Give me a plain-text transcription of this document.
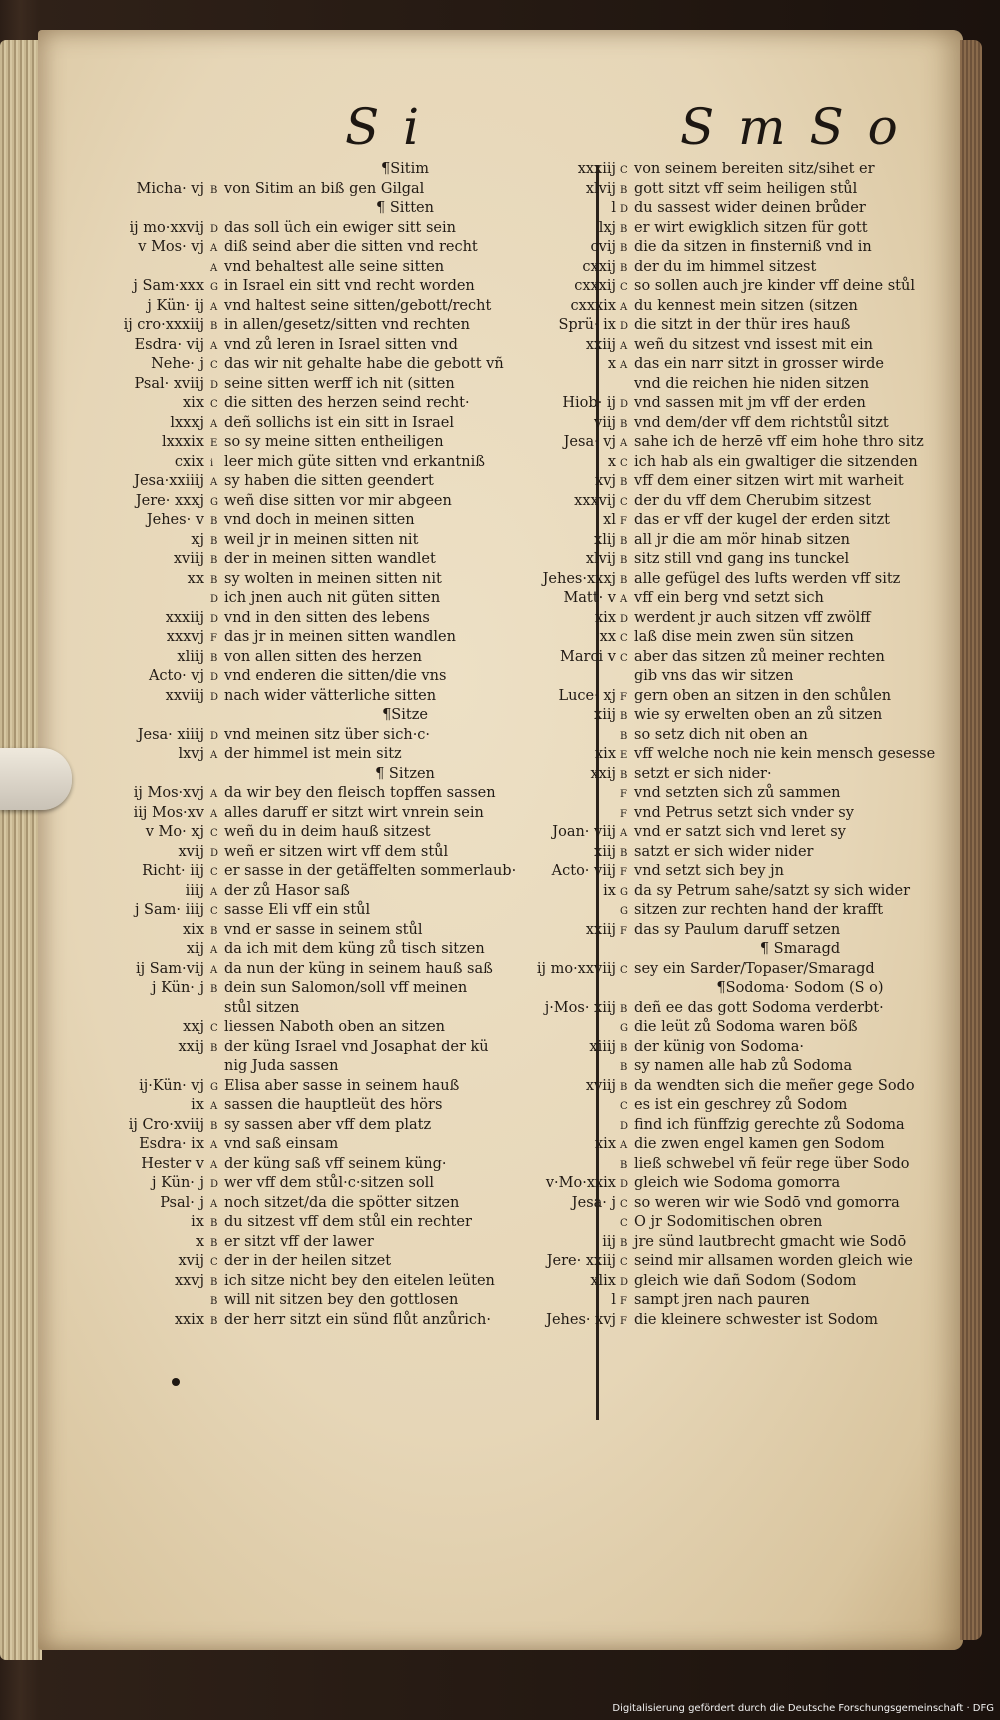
S i	S m S o
¶Sitim
Micha· vj B von Sitim an biß gen Gilgal
¶ Sitten
ij mo·xxvij D das soll üch ein ewiger sitt sein
v Mos· vj A diß seind aber die sitten vnd recht
A vnd behaltest alle seine sitten
j Sam·xxx G in Israel ein sitt vnd recht worden
j Kün· ij A vnd haltest seine sitten/gebott/recht
ij cro·xxxiij B in allen/gesetz/sitten vnd rechten
Esdra· vij A vnd zů leren in Israel sitten vnd
Nehe· j C das wir nit gehalte habe die gebott vñ
Psal· xviij D seine sitten werff ich nit (sitten
xix C die sitten des herzen seind recht·
lxxxj A deñ sollichs ist ein sitt in Israel
lxxxix E so sy meine sitten entheiligen
cxix i leer mich güte sitten vnd erkantniß
Jesa·xxiiij A sy haben die sitten geendert
Jere· xxxj G weñ dise sitten vor mir abgeen
Jehes· v B vnd doch in meinen sitten
xj B weil jr in meinen sitten nit
xviij B der in meinen sitten wandlet
xx B sy wolten in meinen sitten nit
D ich jnen auch nit güten sitten
xxxiij D vnd in den sitten des lebens
xxxvj F das jr in meinen sitten wandlen
xliij B von allen sitten des herzen
Acto· vj D vnd enderen die sitten/die vns
xxviij D nach wider vätterliche sitten
¶Sitze
Jesa· xiiij D vnd meinen sitz über sich·c·
lxvj A der himmel ist mein sitz
¶ Sitzen
ij Mos·xvj A da wir bey den fleisch topffen sassen
iij Mos·xv A alles daruff er sitzt wirt vnrein sein
v Mo· xj C weñ du in deim hauß sitzest
xvij D weñ er sitzen wirt vff dem stůl
Richt· iij C er sasse in der getäffelten sommerlaub·
iiij A der zů Hasor saß
j Sam· iiij C sasse Eli vff ein stůl
xix B vnd er sasse in seinem stůl
xij A da ich mit dem küng zů tisch sitzen
ij Sam·vij A da nun der küng in seinem hauß saß
j Kün· j B dein sun Salomon/soll vff meinen
stůl sitzen
xxj C liessen Naboth oben an sitzen
xxij B der küng Israel vnd Josaphat der kü
nig Juda sassen
ij·Kün· vj G Elisa aber sasse in seinem hauß
ix A sassen die hauptleüt des hörs
ij Cro·xviij B sy sassen aber vff dem platz
Esdra· ix A vnd saß einsam
Hester v A der küng saß vff seinem küng·
j Kün· j D wer vff dem stůl·c·sitzen soll
Psal· j A noch sitzet/da die spötter sitzen
ix B du sitzest vff dem stůl ein rechter
x B er sitzt vff der lawer
xvij C der in der heilen sitzet
xxvj B ich sitze nicht bey den eitelen leüten
B will nit sitzen bey den gottlosen
xxix B der herr sitzt ein sünd flůt anzůrich·
xxxiij C von seinem bereiten sitz/sihet er
xlvij B gott sitzt vff seim heiligen stůl
l D du sassest wider deinen brůder
lxj B er wirt ewigklich sitzen für gott
cvij B die da sitzen in finsterniß vnd in
cxxij B der du im himmel sitzest
cxxxij C so sollen auch jre kinder vff deine stůl
cxxxix A du kennest mein sitzen (sitzen
Sprü· ix D die sitzt in der thür ires hauß
xxiij A weñ du sitzest vnd issest mit ein
x A das ein narr sitzt in grosser wirde
vnd die reichen hie niden sitzen
Hiob· ij D vnd sassen mit jm vff der erden
viij B vnd dem/der vff dem richtstůl sitzt
Jesa· vj A sahe ich de herzē vff eim hohe thro sitz
x C ich hab als ein gwaltiger die sitzenden
xvj B vff dem einer sitzen wirt mit warheit
xxxvij C der du vff dem Cherubim sitzest
xl F das er vff der kugel der erden sitzt
xlij B all jr die am mör hinab sitzen
xlvij B sitz still vnd gang ins tunckel
Jehes·xxxj B alle gefügel des lufts werden vff sitz
Matt· v A vff ein berg vnd setzt sich
xix D werdent jr auch sitzen vff zwölff
xx C laß dise mein zwen sün sitzen
Marci v C aber das sitzen zů meiner rechten
gib vns das wir sitzen
Luce· xj F gern oben an sitzen in den schůlen
xiij B wie sy erwelten oben an zů sitzen
B so setz dich nit oben an
xix E vff welche noch nie kein mensch gesesse
xxij B setzt er sich nider·
F vnd setzten sich zů sammen
F vnd Petrus setzt sich vnder sy
Joan· viij A vnd er satzt sich vnd leret sy
xiij B satzt er sich wider nider
Acto· viij F vnd setzt sich bey jn
ix G da sy Petrum sahe/satzt sy sich wider
G sitzen zur rechten hand der krafft
xxiij F das sy Paulum daruff setzen
¶ Smaragd
ij mo·xxviij C sey ein Sarder/Topaser/Smaragd
¶Sodoma· Sodom (S o)
j·Mos· xiij B deñ ee das gott Sodoma verderbt·
G die leüt zů Sodoma waren böß
xiiij B der künig von Sodoma·
B sy namen alle hab zů Sodoma
xviij B da wendten sich die meñer gege Sodo
C es ist ein geschrey zů Sodom
D find ich fünffzig gerechte zů Sodoma
xix A die zwen engel kamen gen Sodom
B ließ schwebel vñ feür rege über Sodo
v·Mo·xxix D gleich wie Sodoma gomorra
Jesa· j C so weren wir wie Sodō vnd gomorra
C O jr Sodomitischen obren
iij B jre sünd lautbrecht gmacht wie Sodō
Jere· xxiij C seind mir allsamen worden gleich wie
xlix D gleich wie dañ Sodom (Sodom
l F sampt jren nach pauren
Jehes· xvj F die kleinere schwester ist Sodom
Digitalisierung gefördert durch die Deutsche Forschungsgemeinschaft · DFG
